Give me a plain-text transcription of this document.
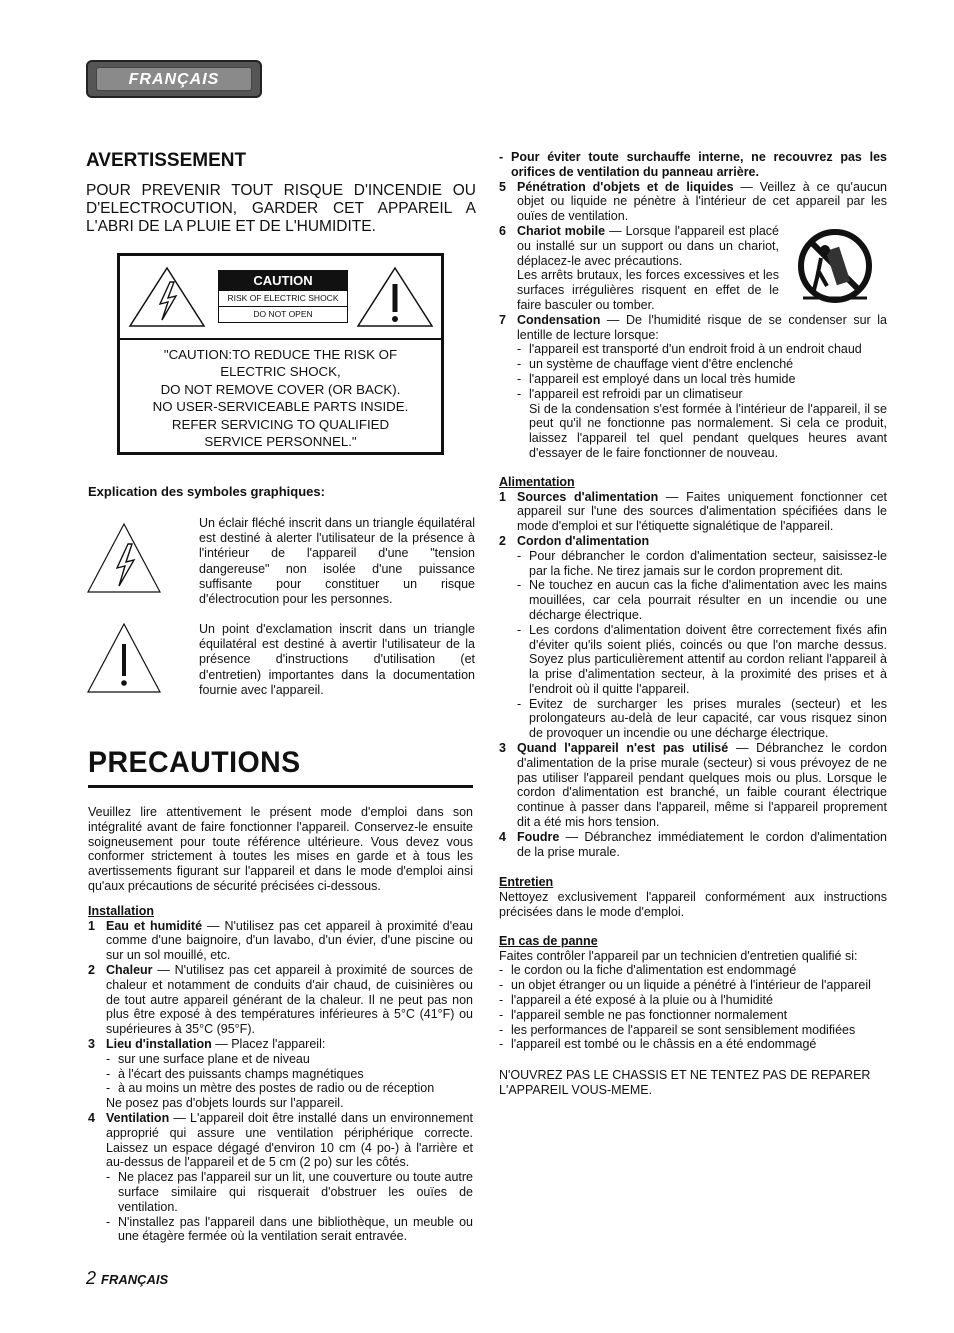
FRANÇAIS
AVERTISSEMENT
POUR PREVENIR TOUT RISQUE D'INCENDIE OU D'ELECTROCUTION, GARDER CET APPAREIL A L'ABRI DE LA PLUIE ET DE L'HUMIDITE.
CAUTION
RISK OF ELECTRIC SHOCK
DO NOT OPEN
"CAUTION:TO REDUCE THE RISK OF
ELECTRIC SHOCK,
DO NOT REMOVE COVER (OR BACK).
NO USER-SERVICEABLE PARTS INSIDE.
REFER SERVICING TO QUALIFIED
SERVICE PERSONNEL."
Explication des symboles graphiques:
Un éclair fléché inscrit dans un triangle équilatéral est destiné à alerter l'utilisateur de la présence à l'intérieur de l'appareil d'une "tension dangereuse" non isolée d'une puissance suffisante pour constituer un risque d'électrocution pour les personnes.
Un point d'exclamation inscrit dans un triangle équilatéral est destiné à avertir l'utilisateur de la présence d'instructions d'utilisation (et d'entretien) importantes dans la documentation fournie avec l'appareil.
PRECAUTIONS

Veuillez lire attentivement le présent mode d'emploi dans son intégralité avant de faire fonctionner l'appareil. Conservez-le ensuite soigneusement pour toute référence ultérieure. Vous devez vous conformer strictement à toutes les mises en garde et à tous les avertissements figurant sur l'appareil et dans le mode d'emploi ainsi qu'aux précautions de sécurité précisées ci-dessous.

Installation
1 Eau et humidité — N'utilisez pas cet appareil à proximité d'eau comme d'une baignoire, d'un lavabo, d'un évier, d'une piscine ou sur un sol mouillé, etc.
2 Chaleur — N'utilisez pas cet appareil à proximité de sources de chaleur et notamment de conduits d'air chaud, de cuisinières ou de tout autre appareil générant de la chaleur. Il ne peut pas non plus être exposé à des températures inférieures à 5°C (41°F) ou supérieures à 35°C (95°F).
3 Lieu d'installation — Placez l'appareil:
- sur une surface plane et de niveau
- à l'écart des puissants champs magnétiques
- à au moins un mètre des postes de radio ou de réception
Ne posez pas d'objets lourds sur l'appareil.
4 Ventilation — L'appareil doit être installé dans un environnement approprié qui assure une ventilation périphérique correcte. Laissez un espace dégagé d'environ 10 cm (4 po-) à l'arrière et au-dessus de l'appareil et de 5 cm (2 po) sur les côtés.
- Ne placez pas l'appareil sur un lit, une couverture ou toute autre surface similaire qui risquerait d'obstruer les ouïes de ventilation.
- N'installez pas l'appareil dans une bibliothèque, un meuble ou une étagère fermée où la ventilation serait entravée.
- Pour éviter toute surchauffe interne, ne recouvrez pas les orifices de ventilation du panneau arrière.
5 Pénétration d'objets et de liquides — Veillez à ce qu'aucun objet ou liquide ne pénètre à l'intérieur de cet appareil par les ouïes de ventilation.
6 Chariot mobile — Lorsque l'appareil est placé ou installé sur un support ou dans un chariot, déplacez-le avec précautions.
Les arrêts brutaux, les forces excessives et les surfaces irrégulières risquent en effet de le faire basculer ou tomber.
7 Condensation — De l'humidité risque de se condenser sur la lentille de lecture lorsque:
- l'appareil est transporté d'un endroit froid à un endroit chaud
- un système de chauffage vient d'être enclenché
- l'appareil est employé dans un local très humide
- l'appareil est refroidi par un climatiseur
Si de la condensation s'est formée à l'intérieur de l'appareil, il se peut qu'il ne fonctionne pas normalement. Si cela ce produit, laissez l'appareil tel quel pendant quelques heures avant d'essayer de le faire fonctionner de nouveau.
Alimentation
1 Sources d'alimentation — Faites uniquement fonctionner cet appareil sur l'une des sources d'alimentation spécifiées dans le mode d'emploi et sur l'étiquette signalétique de l'appareil.
2 Cordon d'alimentation
- Pour débrancher le cordon d'alimentation secteur, saisissez-le par la fiche. Ne tirez jamais sur le cordon proprement dit.
- Ne touchez en aucun cas la fiche d'alimentation avec les mains mouillées, car cela pourrait résulter en un incendie ou une décharge électrique.
- Les cordons d'alimentation doivent être correctement fixés afin d'éviter qu'ils soient pliés, coincés ou que l'on marche dessus. Soyez plus particulièrement attentif au cordon reliant l'appareil à la prise d'alimentation secteur, à la proximité des prises et à l'endroit où il quitte l'appareil.
- Evitez de surcharger les prises murales (secteur) et les prolongateurs au-delà de leur capacité, car vous risquez sinon de provoquer un incendie ou une décharge électrique.
3 Quand l'appareil n'est pas utilisé — Débranchez le cordon d'alimentation de la prise murale (secteur) si vous prévoyez de ne pas utiliser l'appareil pendant quelques mois ou plus. Lorsque le cordon d'alimentation est branché, un faible courant électrique continue à passer dans l'appareil, même si l'appareil proprement dit a été mis hors tension.
4 Foudre — Débranchez immédiatement le cordon d'alimentation de la prise murale.
Entretien

Nettoyez exclusivement l'appareil conformément aux instructions précisées dans le mode d'emploi.

En cas de panne

Faites contrôler l'appareil par un technicien d'entretien qualifié si:

- le cordon ou la fiche d'alimentation est endommagé
- un objet étranger ou un liquide a pénétré à l'intérieur de l'appareil
- l'appareil a été exposé à la pluie ou à l'humidité
- l'appareil semble ne pas fonctionner normalement
- les performances de l'appareil se sont sensiblement modifiées
- l'appareil est tombé ou le châssis en a été endommagé

N'OUVREZ PAS LE CHASSIS ET NE TENTEZ PAS DE REPARER L'APPAREIL VOUS-MEME.

2 FRANÇAIS
